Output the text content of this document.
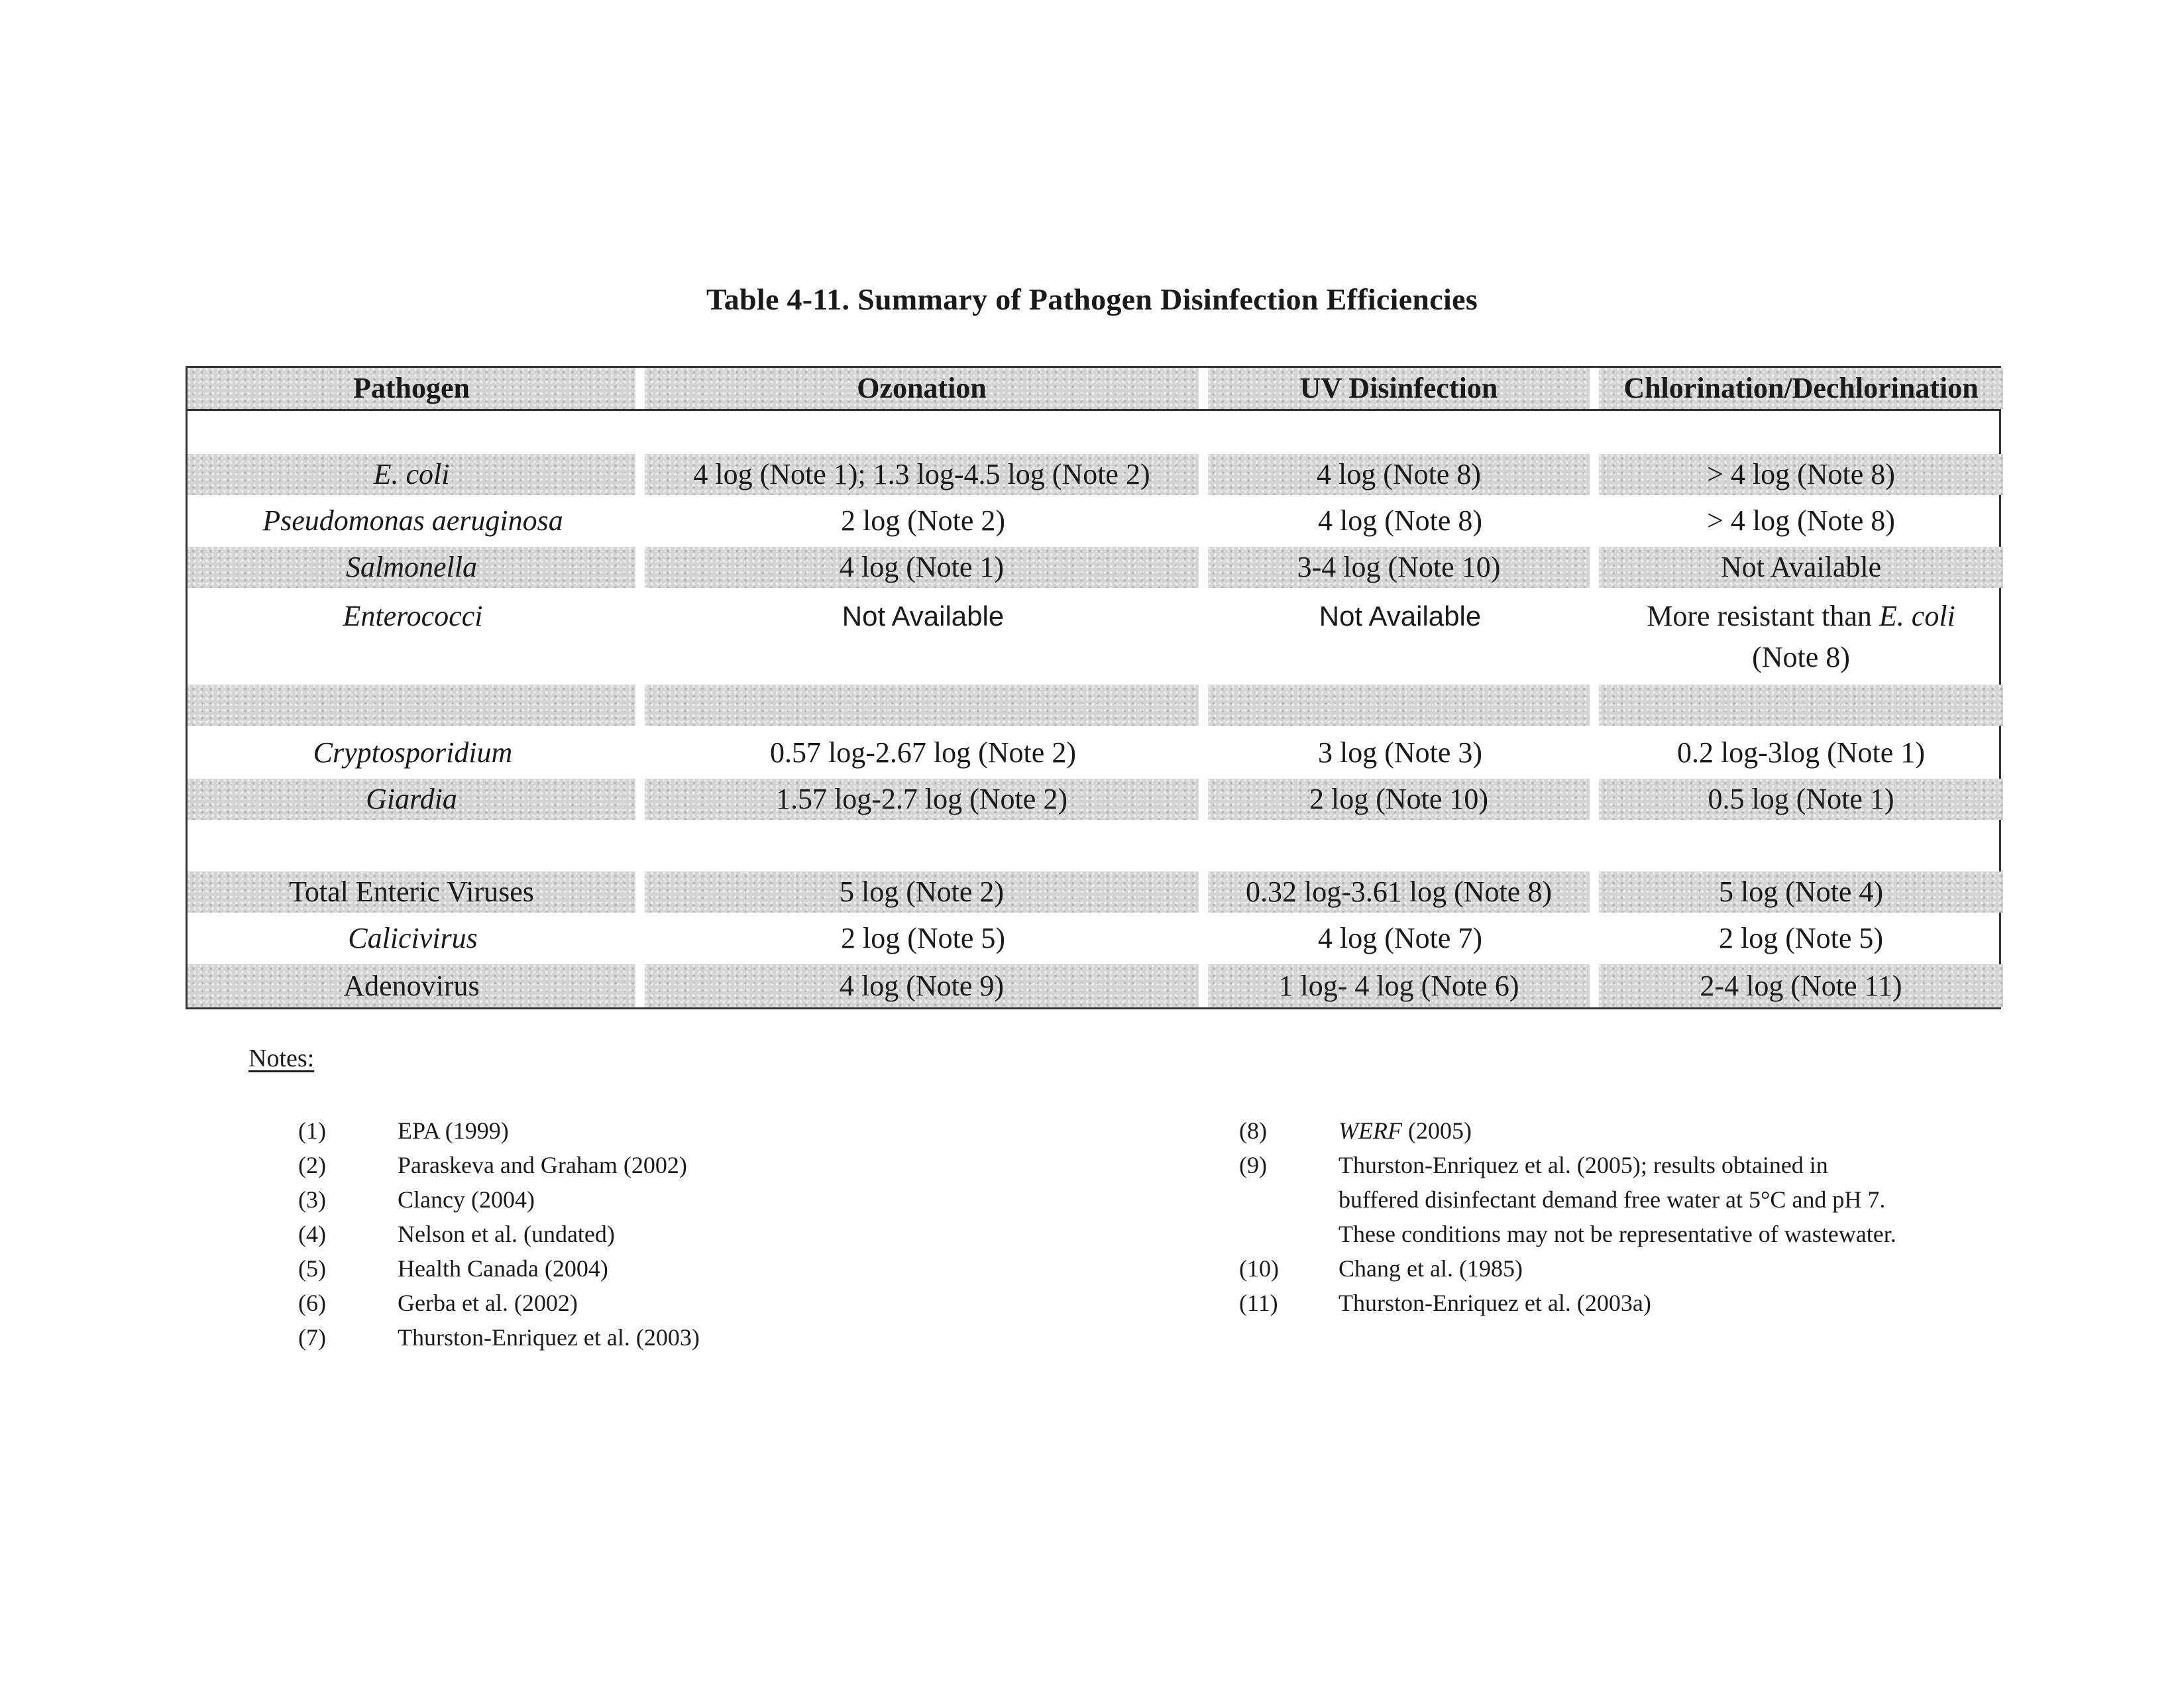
Table 4-11. Summary of Pathogen Disinfection Efficiencies
Pathogen	Ozonation	UV Disinfection	Chlorination/Dechlorination
E. coli	4 log (Note 1); 1.3 log-4.5 log (Note 2)	4 log (Note 8)	> 4 log (Note 8)
Pseudomonas aeruginosa	2 log (Note 2)	4 log (Note 8)	> 4 log (Note 8)
Salmonella	4 log (Note 1)	3-4 log (Note 10)	Not Available
Enterococci	Not Available	Not Available	More resistant than E. coli
(Note 8)
Cryptosporidium	0.57 log-2.67 log (Note 2)	3 log (Note 3)	0.2 log-3log (Note 1)
Giardia	1.57 log-2.7 log (Note 2)	2 log (Note 10)	0.5 log (Note 1)
Total Enteric Viruses	5 log (Note 2)	0.32 log-3.61 log (Note 8)	5 log (Note 4)
Calicivirus	2 log (Note 5)	4 log (Note 7)	2 log (Note 5)
Adenovirus	4 log (Note 9)	1 log- 4 log (Note 6)	2-4 log (Note 11)
Notes:
(1)	EPA (1999)
(2)	Paraskeva and Graham (2002)
(3)	Clancy (2004)
(4)	Nelson et al. (undated)
(5)	Health Canada (2004)
(6)	Gerba et al. (2002)
(7)	Thurston-Enriquez et al. (2003)
(8)	WERF (2005)
(9)	Thurston-Enriquez et al. (2005); results obtained in
buffered disinfectant demand free water at 5°C and pH 7.
These conditions may not be representative of wastewater.
(10)	Chang et al. (1985)
(11)	Thurston-Enriquez et al. (2003a)
